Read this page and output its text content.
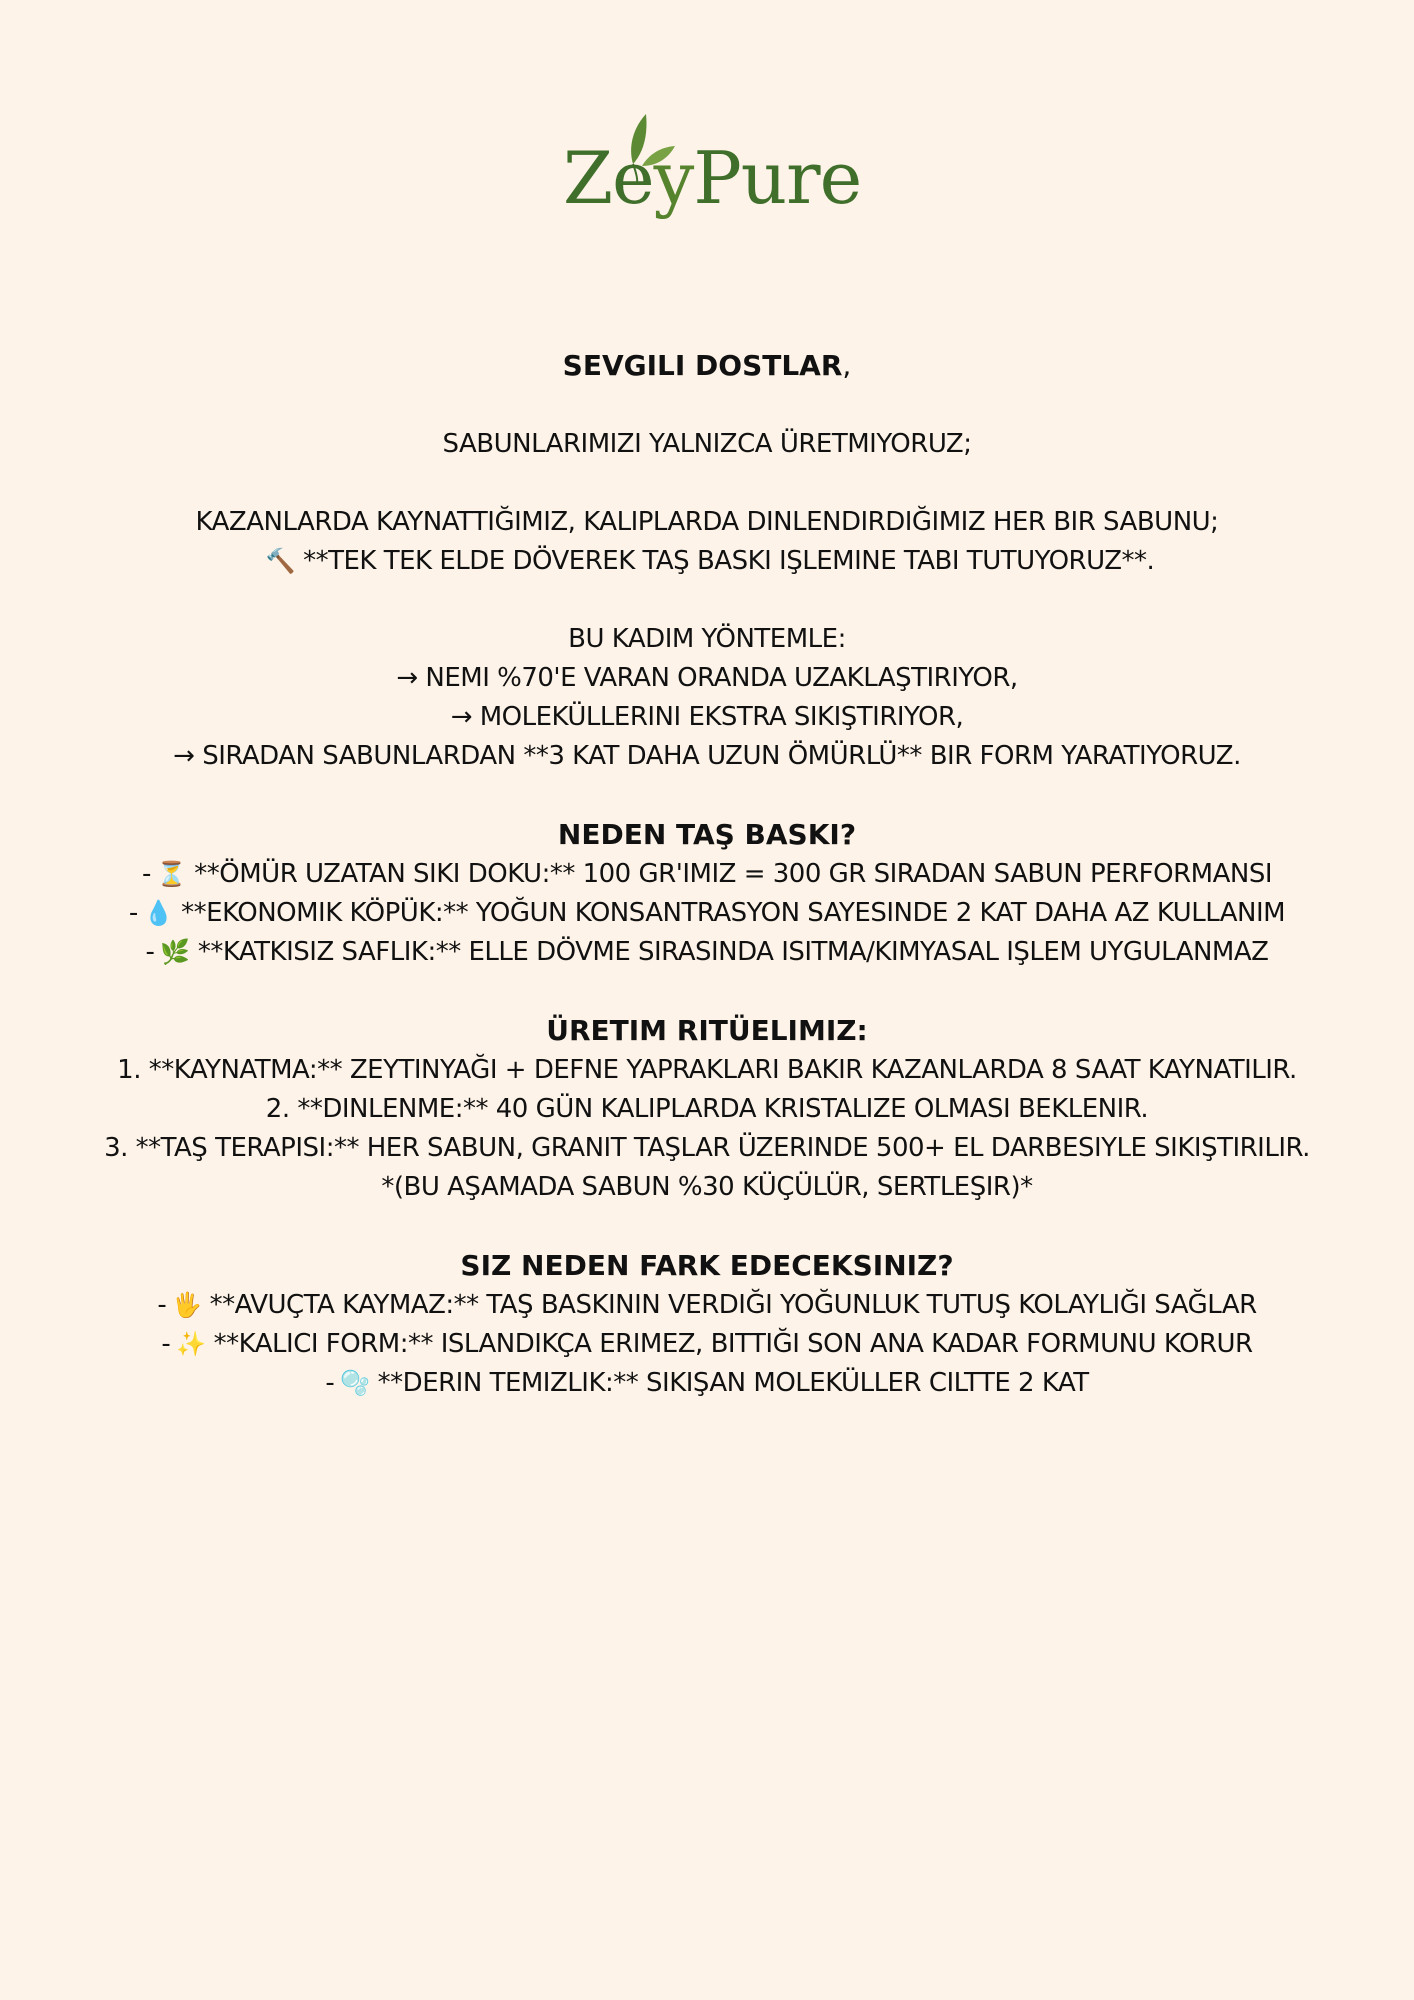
ZeyPure
SEVGILI DOSTLAR,
SABUNLARIMIZI YALNIZCA ÜRETMIYORUZ;
KAZANLARDA KAYNATTIĞIMIZ, KALIPLARDA DINLENDIRDIĞIMIZ HER BIR SABUNU;
🔨 **TEK TEK ELDE DÖVEREK TAŞ BASKI IŞLEMINE TABI TUTUYORUZ**.
BU KADIM YÖNTEMLE:
→ NEMI %70'E VARAN ORANDA UZAKLAŞTIRIYOR,
→ MOLEKÜLLERINI EKSTRA SIKIŞTIRIYOR,
→ SIRADAN SABUNLARDAN **3 KAT DAHA UZUN ÖMÜRLÜ** BIR FORM YARATIYORUZ.
NEDEN TAŞ BASKI?
- ⏳ **ÖMÜR UZATAN SIKI DOKU:** 100 GR'IMIZ = 300 GR SIRADAN SABUN PERFORMANSI
- 💧 **EKONOMIK KÖPÜK:** YOĞUN KONSANTRASYON SAYESINDE 2 KAT DAHA AZ KULLANIM
- 🌿 **KATKISIZ SAFLIK:** ELLE DÖVME SIRASINDA ISITMA/KIMYASAL IŞLEM UYGULANMAZ
ÜRETIM RITÜELIMIZ:
1. **KAYNATMA:** ZEYTINYAĞI + DEFNE YAPRAKLARI BAKIR KAZANLARDA 8 SAAT KAYNATILIR.
2. **DINLENME:** 40 GÜN KALIPLARDA KRISTALIZE OLMASI BEKLENIR.
3. **TAŞ TERAPISI:** HER SABUN, GRANIT TAŞLAR ÜZERINDE 500+ EL DARBESIYLE SIKIŞTIRILIR.
*(BU AŞAMADA SABUN %30 KÜÇÜLÜR, SERTLEŞIR)*
SIZ NEDEN FARK EDECEKSINIZ?
- 🖐 **AVUÇTA KAYMAZ:** TAŞ BASKININ VERDIĞI YOĞUNLUK TUTUŞ KOLAYLIĞI SAĞLAR
- ✨ **KALICI FORM:** ISLANDIKÇA ERIMEZ, BITTIĞI SON ANA KADAR FORMUNU KORUR
- 🫧 **DERIN TEMIZLIK:** SIKIŞAN MOLEKÜLLER CILTTE 2 KAT
